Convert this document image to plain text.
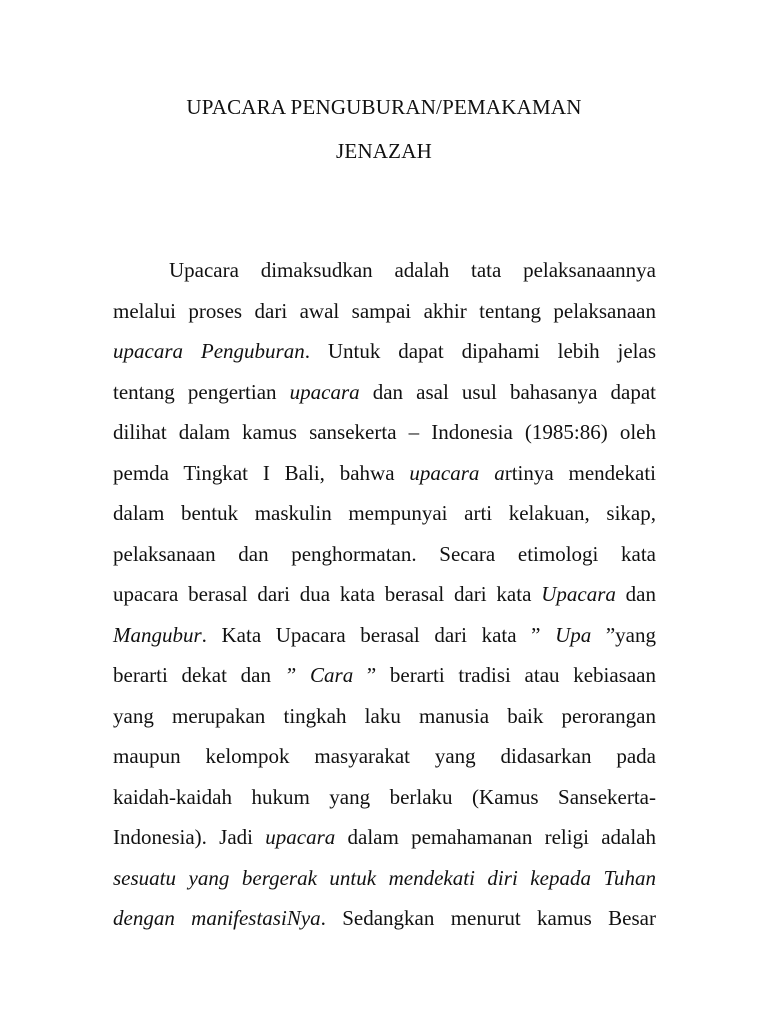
UPACARA PENGUBURAN/PEMAKAMAN
JENAZAH
Upacara dimaksudkan adalah tata pelaksanaannya
melalui proses dari awal sampai akhir tentang pelaksanaan
upacara Penguburan. Untuk dapat dipahami lebih jelas
tentang pengertian upacara dan asal usul bahasanya dapat
dilihat dalam kamus sansekerta – Indonesia (1985:86) oleh
pemda Tingkat I Bali, bahwa upacara artinya mendekati
dalam bentuk maskulin mempunyai arti kelakuan, sikap,
pelaksanaan dan penghormatan. Secara etimologi kata
upacara berasal dari dua kata berasal dari kata Upacara dan
Mangubur. Kata Upacara berasal dari kata ” Upa ”yang
berarti dekat dan ” Cara ” berarti tradisi atau kebiasaan
yang merupakan tingkah laku manusia baik perorangan
maupun kelompok masyarakat yang didasarkan pada
kaidah-kaidah hukum yang berlaku (Kamus Sansekerta-
Indonesia). Jadi upacara dalam pemahamanan religi adalah
sesuatu yang bergerak untuk mendekati diri kepada Tuhan
dengan manifestasiNya. Sedangkan menurut kamus Besar
